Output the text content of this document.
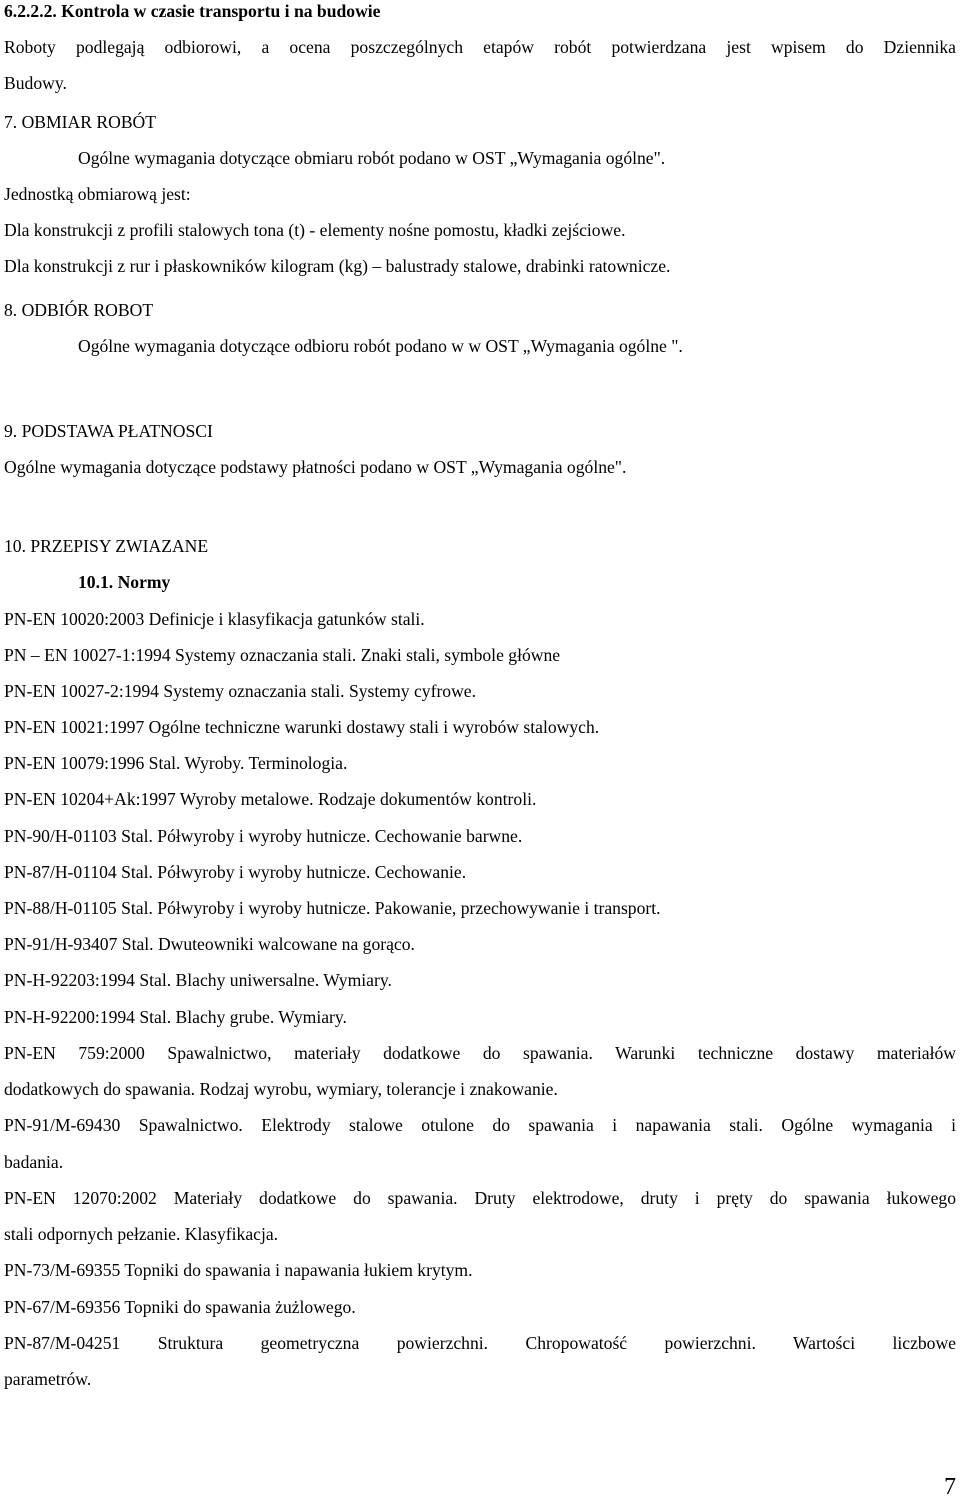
6.2.2.2. Kontrola w czasie transportu i na budowie
Roboty podlegają odbiorowi, a ocena poszczególnych etapów robót potwierdzana jest wpisem do Dziennika
Budowy.
7. OBMIAR ROBÓT
Ogólne wymagania dotyczące obmiaru robót podano w OST „Wymagania ogólne".
Jednostką obmiarową jest:
Dla konstrukcji z profili stalowych tona (t) - elementy nośne pomostu, kładki zejściowe.
Dla konstrukcji z rur i płaskowników kilogram (kg) – balustrady stalowe, drabinki ratownicze.
8. ODBIÓR ROBOT
Ogólne wymagania dotyczące odbioru robót podano w w OST „Wymagania ogólne ".
9. PODSTAWA PŁATNOSCI
Ogólne wymagania dotyczące podstawy płatności podano w OST „Wymagania ogólne".
10. PRZEPISY ZWIAZANE
10.1. Normy
PN-EN 10020:2003 Definicje i klasyfikacja gatunków stali.
PN – EN 10027-1:1994 Systemy oznaczania stali. Znaki stali, symbole główne
PN-EN 10027-2:1994 Systemy oznaczania stali. Systemy cyfrowe.
PN-EN 10021:1997 Ogólne techniczne warunki dostawy stali i wyrobów stalowych.
PN-EN 10079:1996 Stal. Wyroby. Terminologia.
PN-EN 10204+Ak:1997 Wyroby metalowe. Rodzaje dokumentów kontroli.
PN-90/H-01103 Stal. Półwyroby i wyroby hutnicze. Cechowanie barwne.
PN-87/H-01104 Stal. Półwyroby i wyroby hutnicze. Cechowanie.
PN-88/H-01105 Stal. Półwyroby i wyroby hutnicze. Pakowanie, przechowywanie i transport.
PN-91/H-93407 Stal. Dwuteowniki walcowane na gorąco.
PN-H-92203:1994 Stal. Blachy uniwersalne. Wymiary.
PN-H-92200:1994 Stal. Blachy grube. Wymiary.
PN-EN 759:2000 Spawalnictwo, materiały dodatkowe do spawania. Warunki techniczne dostawy materiałów
dodatkowych do spawania. Rodzaj wyrobu, wymiary, tolerancje i znakowanie.
PN-91/M-69430 Spawalnictwo. Elektrody stalowe otulone do spawania i napawania stali. Ogólne wymagania i
badania.
PN-EN 12070:2002 Materiały dodatkowe do spawania. Druty elektrodowe, druty i pręty do spawania łukowego
stali odpornych pełzanie. Klasyfikacja.
PN-73/M-69355 Topniki do spawania i napawania łukiem krytym.
PN-67/M-69356 Topniki do spawania żużlowego.
PN-87/M-04251 Struktura geometryczna powierzchni. Chropowatość powierzchni. Wartości liczbowe
parametrów.
7
